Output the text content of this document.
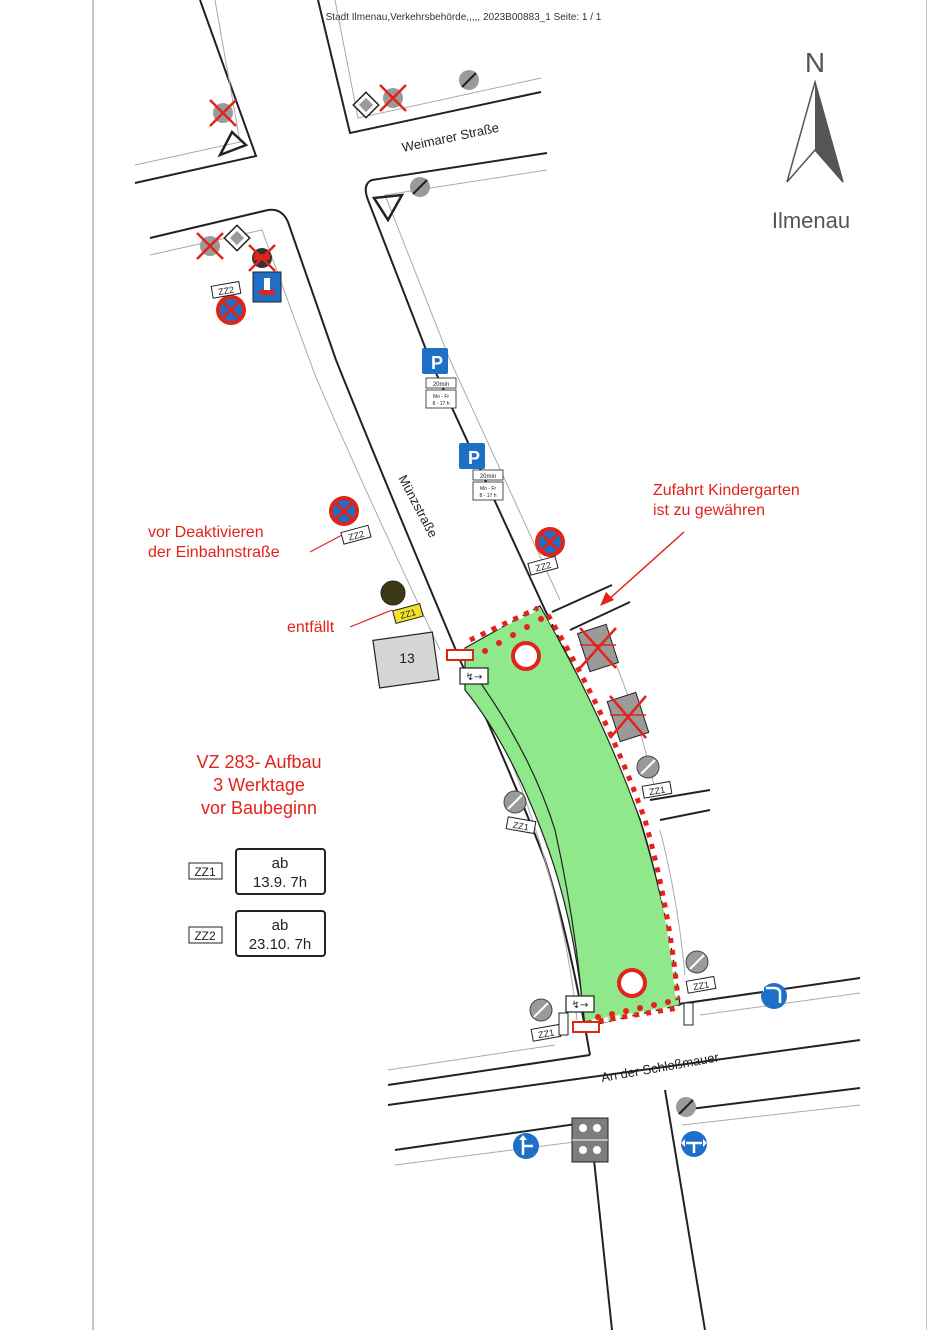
Stadt Ilmenau,Verkehrsbehörde,,,,, 2023B00883_1 Seite: 1 / 1
↯→
↯→
N
Ilmenau
Weimarer Straße
Münzstraße
An der Schloßmauer
ZZ2
P
20min
Mo - Fr
8 - 17 h
P
20min
Mo - Fr
8 - 17 h
ZZ2
ZZ2
ZZ1
13
ZZ1
ZZ1
ZZ1
ZZ1
Zufahrt Kindergarten
ist zu gewähren
vor Deaktivieren
der Einbahnstraße
entfällt
VZ 283- Aufbau
3 Werktage
vor Baubeginn
ZZ1	ab
13.9. 7h
ZZ2
ab
23.10. 7h
